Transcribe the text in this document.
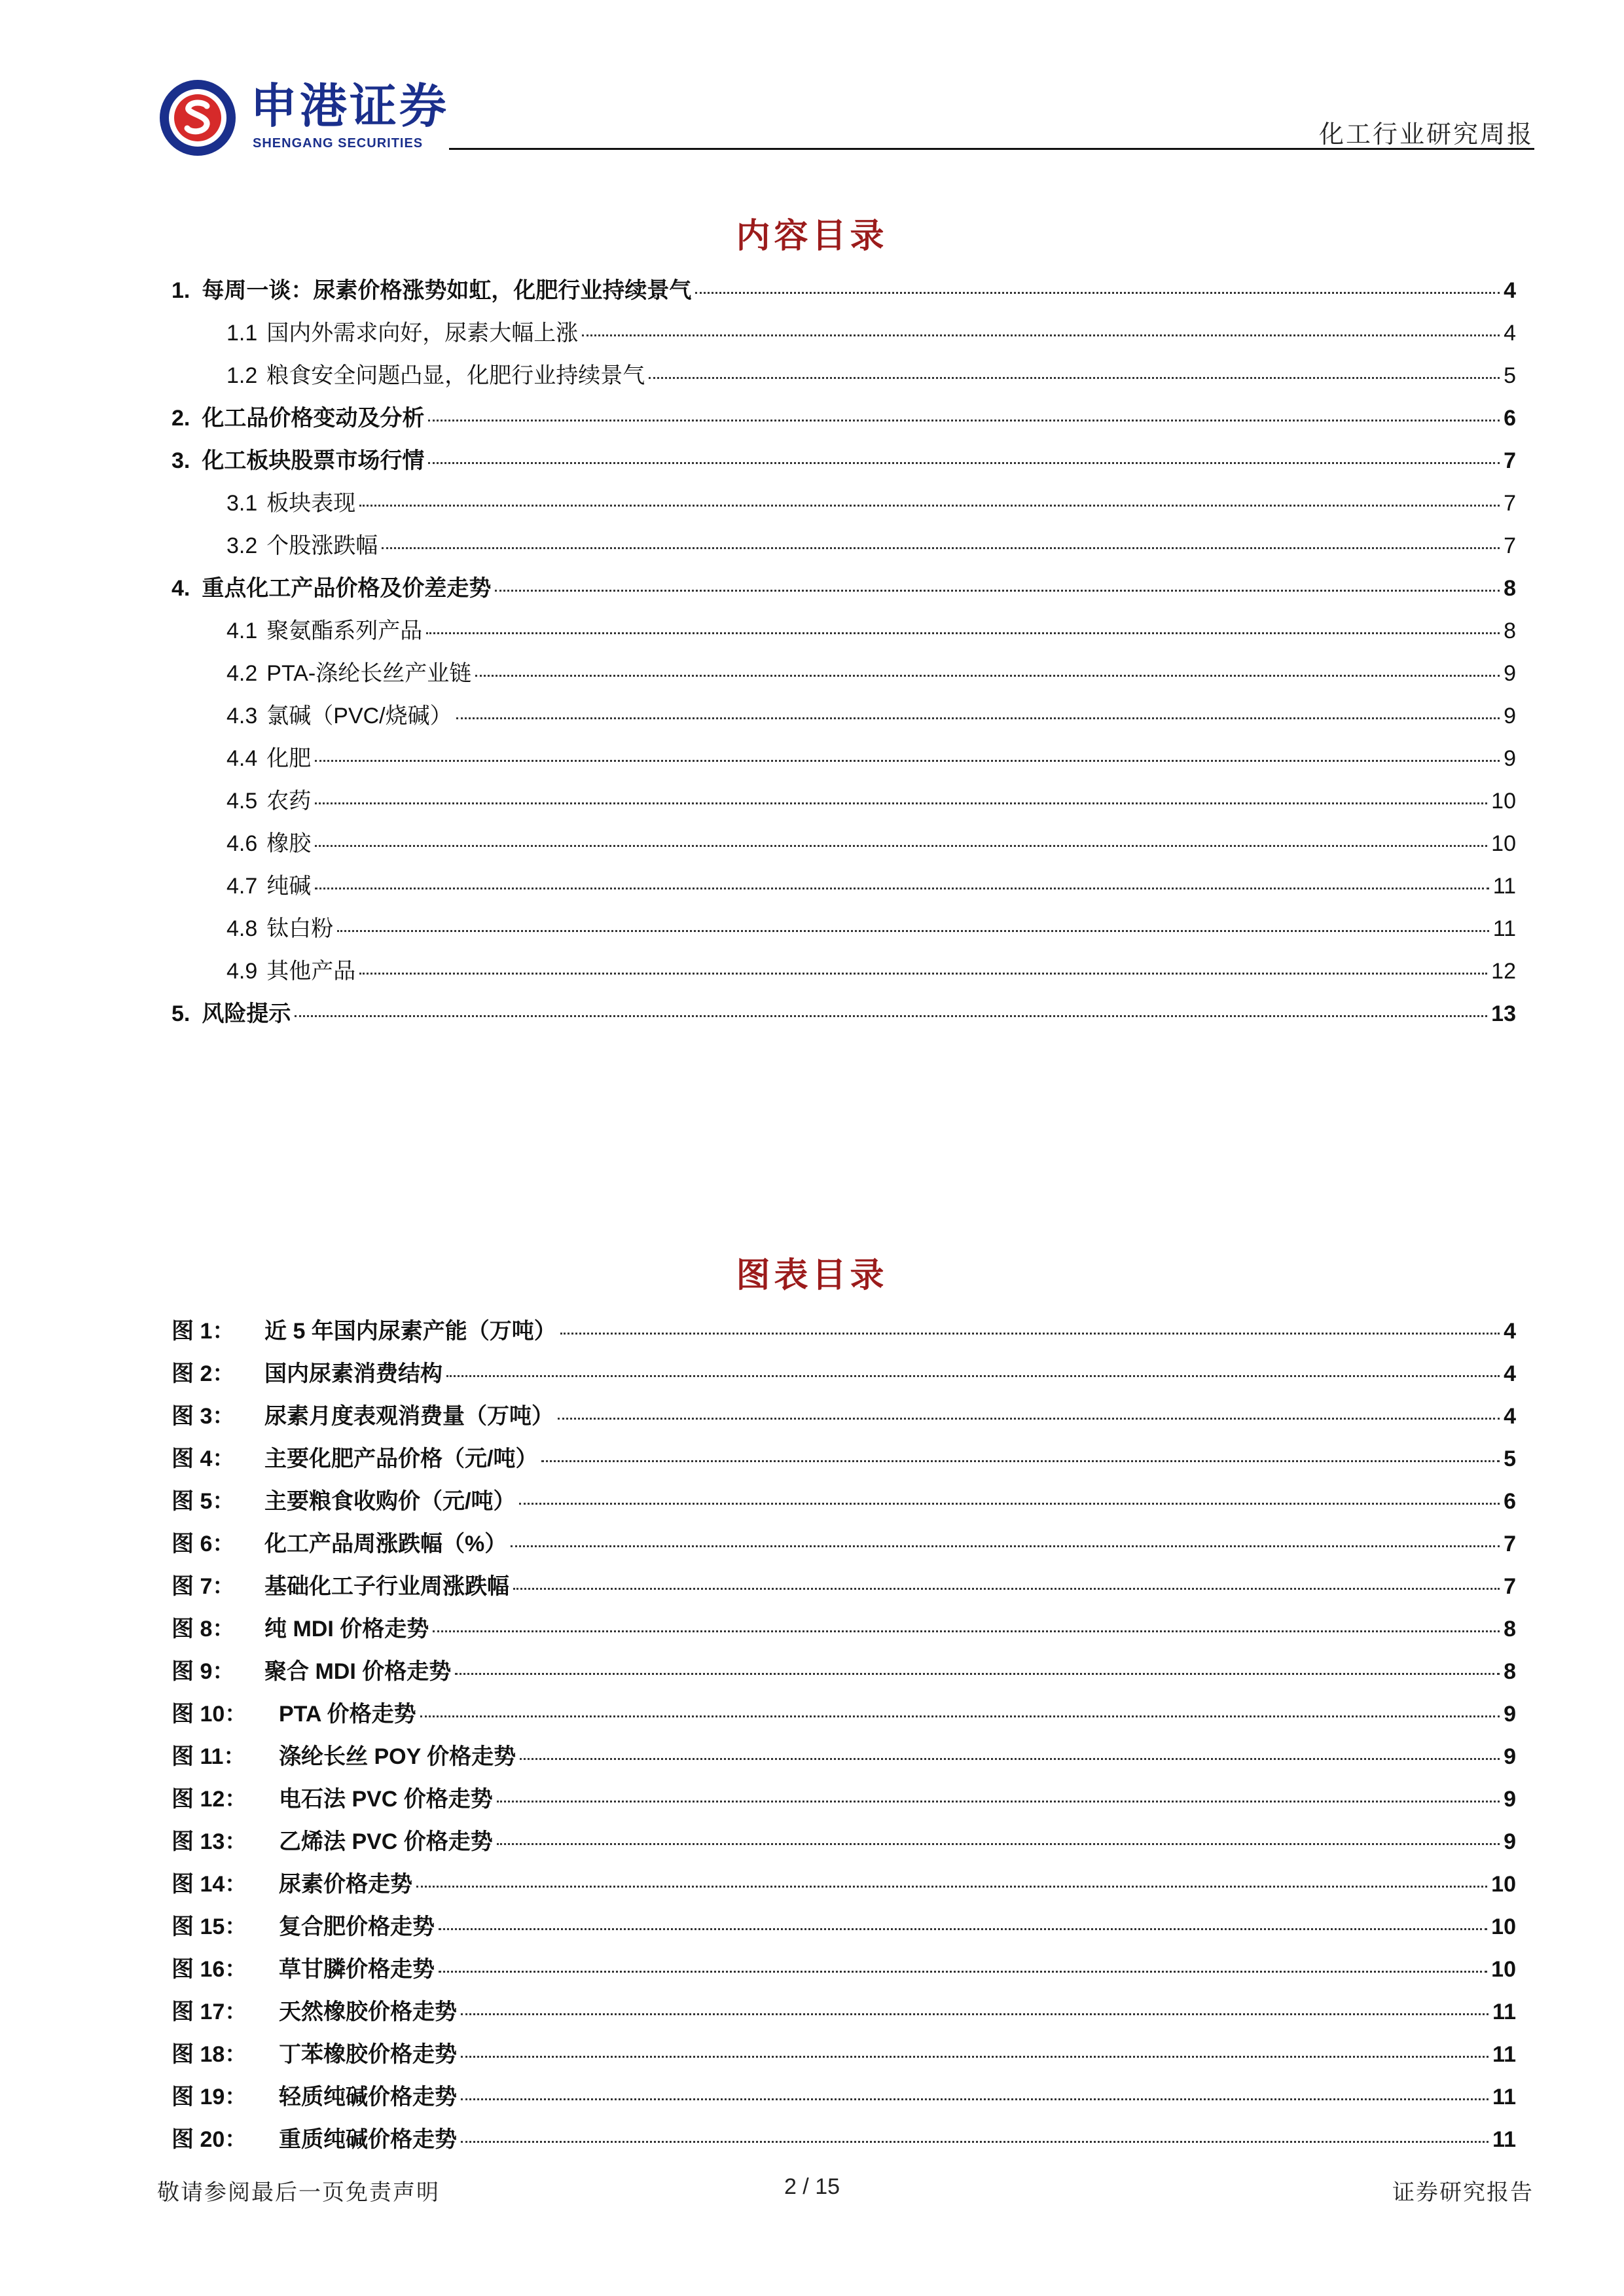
申港证券
SHENGANG SECURITIES	化工行业研究周报
内容目录
1. 每周一谈：尿素价格涨势如虹，化肥行业持续景气	4
1.1 国内外需求向好，尿素大幅上涨	4
1.2 粮食安全问题凸显，化肥行业持续景气	5
2. 化工品价格变动及分析	6
3. 化工板块股票市场行情	7
3.1 板块表现	7
3.2 个股涨跌幅	7
4. 重点化工产品价格及价差走势	8
4.1 聚氨酯系列产品	8
4.2 PTA-涤纶长丝产业链	9
4.3 氯碱（PVC/烧碱）	9
4.4 化肥	9
4.5 农药	10
4.6 橡胶	10
4.7 纯碱	11
4.8 钛白粉	11
4.9 其他产品	12
5. 风险提示	13
图表目录
图 1：	近 5 年国内尿素产能（万吨）	4
图 2：	国内尿素消费结构	4
图 3：	尿素月度表观消费量（万吨）	4
图 4：	主要化肥产品价格（元/吨）	5
图 5：	主要粮食收购价（元/吨）	6
图 6：	化工产品周涨跌幅（%）	7
图 7：	基础化工子行业周涨跌幅	7
图 8：	纯 MDI 价格走势	8
图 9：	聚合 MDI 价格走势	8
图 10：	PTA 价格走势	9
图 11：	涤纶长丝 POY 价格走势	9
图 12：	电石法 PVC 价格走势	9
图 13：	乙烯法 PVC 价格走势	9
图 14：	尿素价格走势	10
图 15：	复合肥价格走势	10
图 16：	草甘膦价格走势	10
图 17：	天然橡胶价格走势	11
图 18：	丁苯橡胶价格走势	11
图 19：	轻质纯碱价格走势	11
图 20：	重质纯碱价格走势	11
敬请参阅最后一页免责声明	2 / 15	证券研究报告
